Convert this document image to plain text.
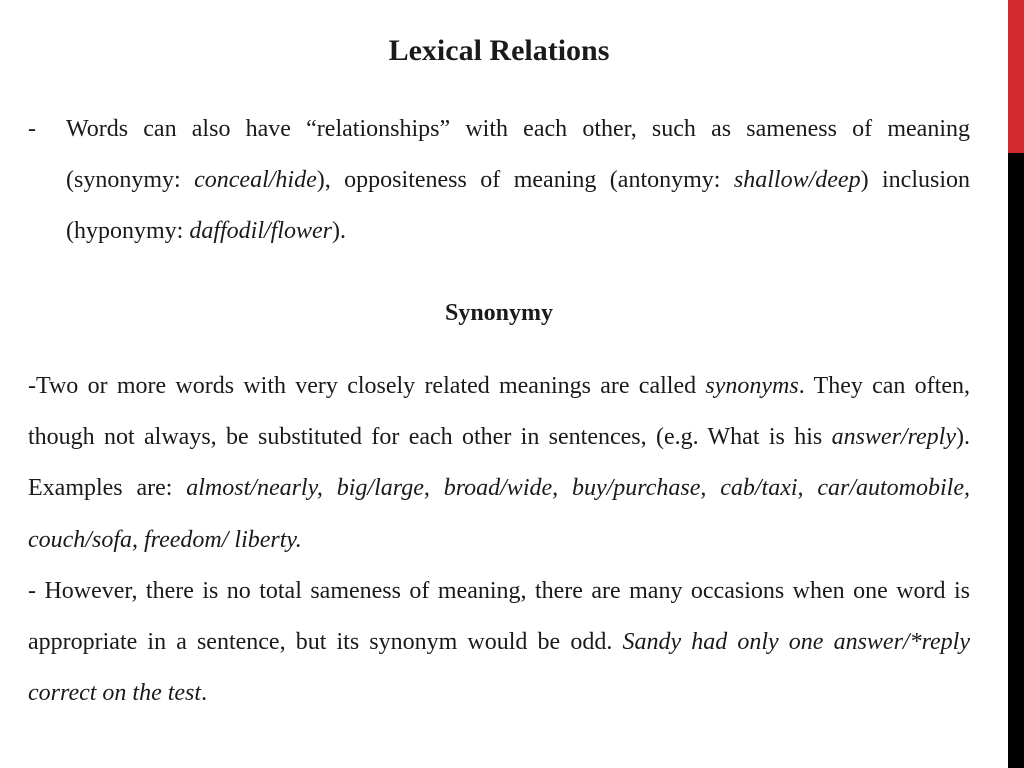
Lexical Relations
- Words can also have “relationships” with each other, such as sameness of meaning (synonymy: conceal/hide), oppositeness of meaning (antonymy: shallow/deep) inclusion (hyponymy: daffodil/flower).
Synonymy

-Two or more words with very closely related meanings are called synonyms. They can often, though not always, be substituted for each other in sentences, (e.g. What is his answer/reply). Examples are: almost/nearly, big/large, broad/wide, buy/purchase, cab/taxi, car/automobile, couch/sofa, freedom/ liberty.

- However, there is no total sameness of meaning, there are many occasions when one word is appropriate in a sentence, but its synonym would be odd. Sandy had only one answer/*reply correct on the test.
